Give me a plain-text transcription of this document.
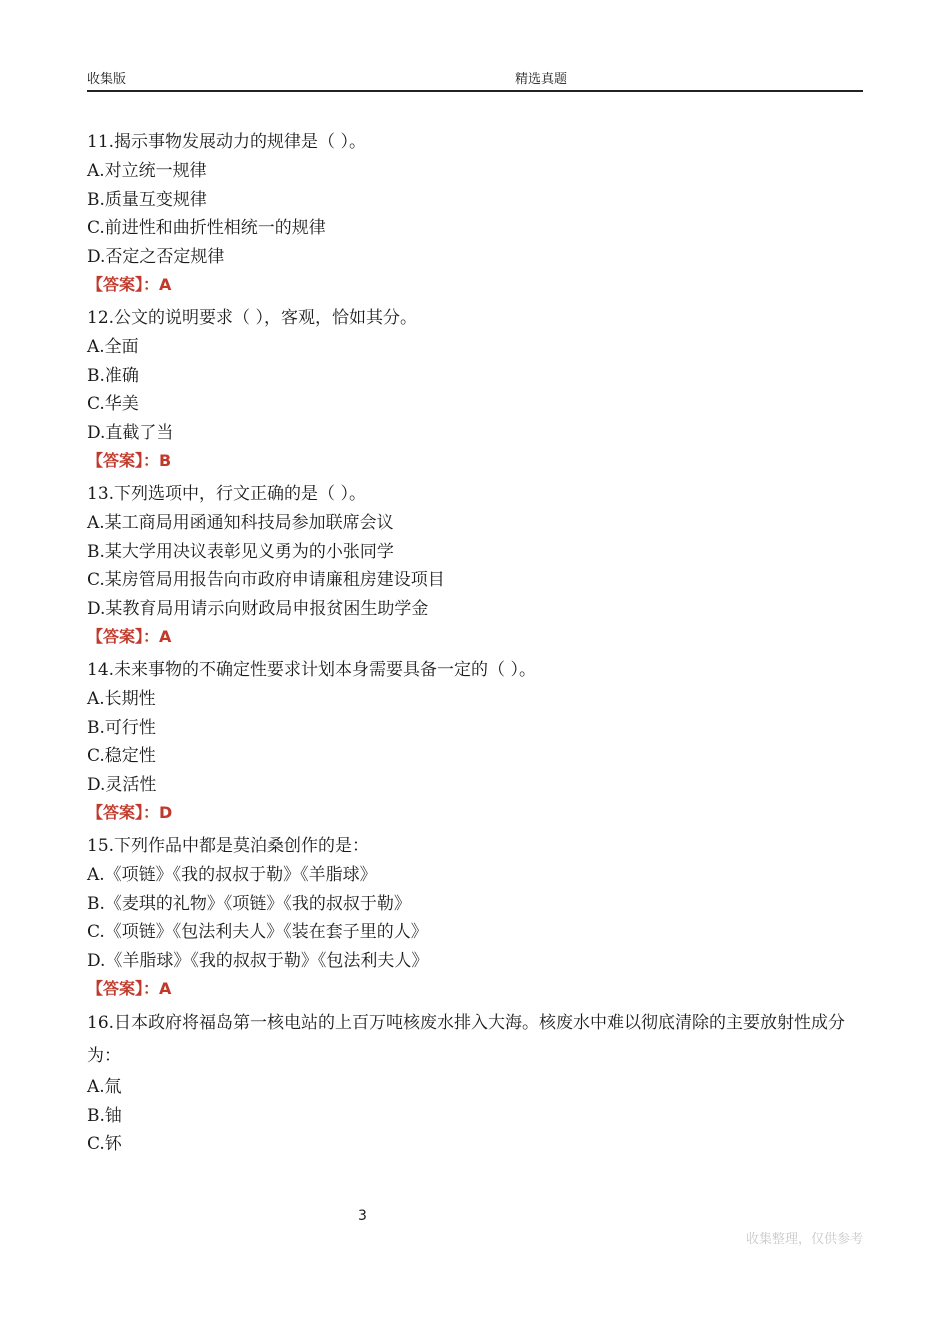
收集版	精选真题
11.揭示事物发展动力的规律是（ ）。
A.对立统一规律
B.质量互变规律
C.前进性和曲折性相统一的规律
D.否定之否定规律
【答案】：A
12.公文的说明要求（ ），客观，恰如其分。
A.全面
B.准确
C.华美
D.直截了当
【答案】：B
13.下列选项中，行文正确的是（ ）。
A.某工商局用函通知科技局参加联席会议
B.某大学用决议表彰见义勇为的小张同学
C.某房管局用报告向市政府申请廉租房建设项目
D.某教育局用请示向财政局申报贫困生助学金
【答案】：A
14.未来事物的不确定性要求计划本身需要具备一定的（ ）。
A.长期性
B.可行性
C.稳定性
D.灵活性
【答案】：D
15.下列作品中都是莫泊桑创作的是：
A.《项链》《我的叔叔于勒》《羊脂球》
B.《麦琪的礼物》《项链》《我的叔叔于勒》
C.《项链》《包法利夫人》《装在套子里的人》
D.《羊脂球》《我的叔叔于勒》《包法利夫人》
【答案】：A
16.日本政府将福岛第一核电站的上百万吨核废水排入大海。核废水中难以彻底清除的主要放射性成分为：
A.氚
B.铀
C.钚
3
收集整理，仅供参考
